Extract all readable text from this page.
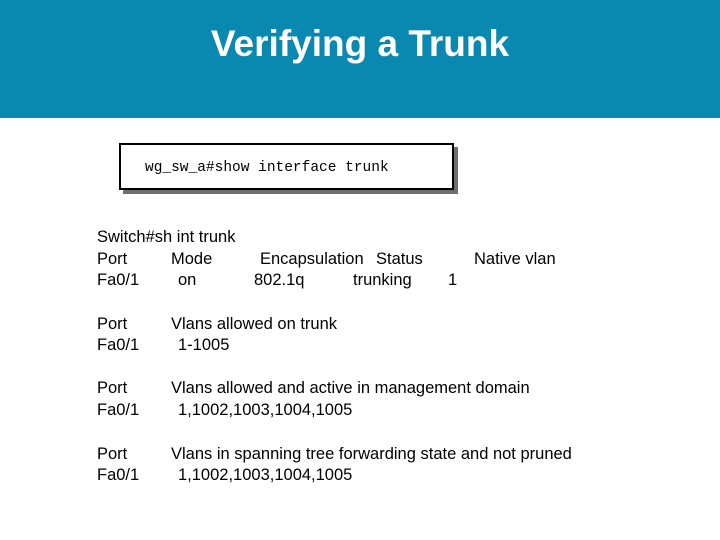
Verifying a Trunk
wg_sw_a#show interface trunk
Switch#sh int trunk
Port	Mode	Encapsulation Status	Native vlan
Fa0/1 on	802.1q	trunking 1
Port	Vlans allowed on trunk
Fa0/1 1-1005
Port	Vlans allowed and active in management domain
Fa0/1 1,1002,1003,1004,1005
Port	Vlans in spanning tree forwarding state and not pruned
Fa0/1 1,1002,1003,1004,1005
